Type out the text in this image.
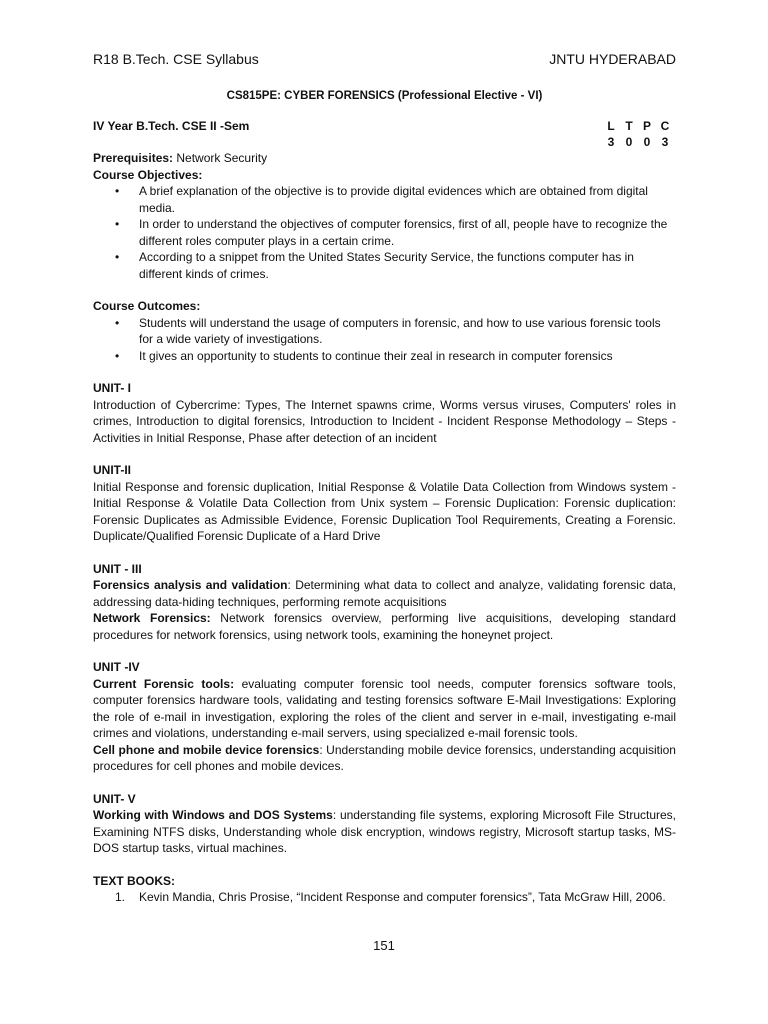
R18 B.Tech. CSE Syllabus	JNTU HYDERABAD
CS815PE: CYBER FORENSICS (Professional Elective - VI)
IV Year B.Tech. CSE II -Sem	L T P C
3 0 0 3

Prerequisites: Network Security

Course Objectives:

• A brief explanation of the objective is to provide digital evidences which are obtained from digital media.
• In order to understand the objectives of computer forensics, first of all, people have to recognize the different roles computer plays in a certain crime.
• According to a snippet from the United States Security Service, the functions computer has in different kinds of crimes.

Course Outcomes:

• Students will understand the usage of computers in forensic, and how to use various forensic tools for a wide variety of investigations.
• It gives an opportunity to students to continue their zeal in research in computer forensics

UNIT- I

Introduction of Cybercrime: Types, The Internet spawns crime, Worms versus viruses, Computers' roles in crimes, Introduction to digital forensics, Introduction to Incident - Incident Response Methodology – Steps - Activities in Initial Response, Phase after detection of an incident

UNIT-II

Initial Response and forensic duplication, Initial Response & Volatile Data Collection from Windows system -Initial Response & Volatile Data Collection from Unix system – Forensic Duplication: Forensic duplication: Forensic Duplicates as Admissible Evidence, Forensic Duplication Tool Requirements, Creating a Forensic. Duplicate/Qualified Forensic Duplicate of a Hard Drive

UNIT - III

Forensics analysis and validation: Determining what data to collect and analyze, validating forensic data, addressing data-hiding techniques, performing remote acquisitions

Network Forensics: Network forensics overview, performing live acquisitions, developing standard procedures for network forensics, using network tools, examining the honeynet project.

UNIT -IV

Current Forensic tools: evaluating computer forensic tool needs, computer forensics software tools, computer forensics hardware tools, validating and testing forensics software E-Mail Investigations: Exploring the role of e-mail in investigation, exploring the roles of the client and server in e-mail, investigating e-mail crimes and violations, understanding e-mail servers, using specialized e-mail forensic tools.

Cell phone and mobile device forensics: Understanding mobile device forensics, understanding acquisition procedures for cell phones and mobile devices.

UNIT- V

Working with Windows and DOS Systems: understanding file systems, exploring Microsoft File Structures, Examining NTFS disks, Understanding whole disk encryption, windows registry, Microsoft startup tasks, MS-DOS startup tasks, virtual machines.

TEXT BOOKS:

1. Kevin Mandia, Chris Prosise, “Incident Response and computer forensics”, Tata McGraw Hill, 2006.
151
